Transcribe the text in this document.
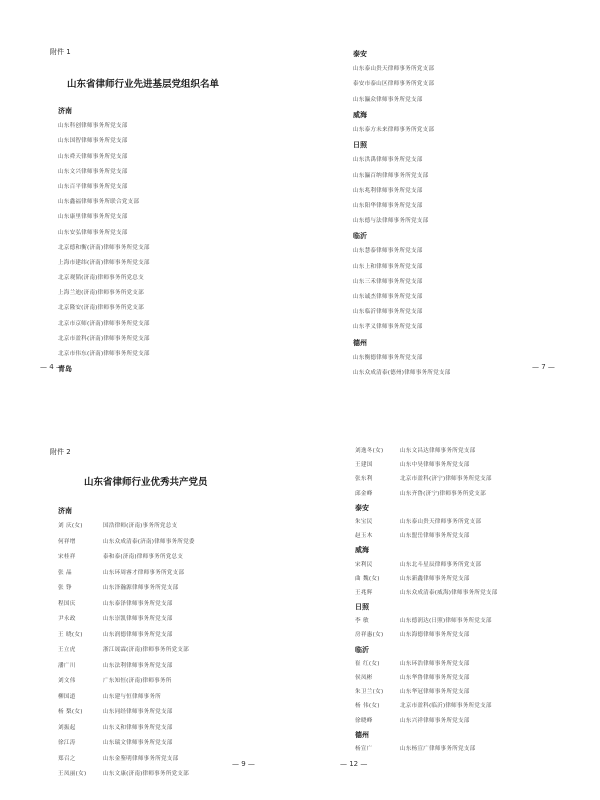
附件 1
山东省律师行业先进基层党组织名单
济南
山东科创律师事务所党支部
山东国智律师事务所党支部
山东舜天律师事务所党支部
山东文兴律师事务所党支部
山东百平律师事务所党支部
山东鑫福律师事务所联合党支部
山东康里律师事务所党支部
山东安弘律师事务所党支部
北京德和衡(济南)律师事务所党支部
上海市建纬(济南)律师事务所党支部
北京观韬(济南)律师事务所党总支
上海兰迪(济南)律师事务所党支部
北京隆安(济南)律师事务所党支部
北京市京师(济南)律师事务所党支部
北京市盈科(济南)律师事务所党支部
北京市伟东(济南)律师事务所党支部
青岛
— 4 —
泰安
山东泰山贵天律师事务所党支部
泰安市泰山区律师事务所党支部
山东瀛众律师事务所党支部
威海
山东泰方未来律师事务所党支部
日照
山东洪禹律师事务所党支部
山东瀛百纳律师事务所党支部
山东兆利律师事务所党支部
山东阳华律师事务所党支部
山东德与法律师事务所党支部
临沂
山东慧泰律师事务所党支部
山东上和律师事务所党支部
山东三禾律师事务所党支部
山东诚杰律师事务所党支部
山东临沂律师事务所党支部
山东孝义律师事务所党支部
德州
山东衡德律师事务所党支部
山东众成清泰(德州)律师事务所党支部
— 7 —
附件 2
山东省律师行业优秀共产党员
济南
刘 庆(女)	国浩律师(济南)事务所党总支
何祥增	山东众成清泰(济南)律师事务所党委
宋桂祥	泰和泰(济南)律师事务所党总支
张 晶	山东环周睿才律师事务所党支部
张 铮	山东泽瀚源律师事务所党支部
程国庆	山东泰泽律师事务所党支部
尹永政	山东崇凯律师事务所党支部
王 晓(女)	山东润德律师事务所党支部
王立虎	浙江晟霖(济南)律师事务所党支部
潘广川	山东法利律师事务所党支部
刘文伟	广东知恒(济南)律师事务所
柳国道	山东建与恒律师事务所
杨 梨(女)	山东同经律师事务所党支部
刘振起	山东义和律师事务所党支部
徐江涛	山东瑞文律师事务所党支部
郑召之	山东金鉴明律师事务所党支部
王凤丽(女)	山东文康(济南)律师事务所党支部
— 9 —
刘逸冬(女)	山东文昌达律师事务所党支部
王建国	山东中昊律师事务所党支部
张东利	北京市盈科(济宁)律师事务所党支部
邱金峰	山东齐鲁(济宁)律师事务所党支部
泰安
朱宝民	山东泰山贵天律师事务所党支部
赵玉木	山东盟岳律师事务所党支部
威海
宋利民	山东北斗星辰律师事务所党支部
曲 魏(女)	山东新鑫律师事务所党支部
王兆辉	山东众成清泰(威海)律师事务所党支部
日照
李 敏	山东德润达(日照)律师事务所党支部
房祥惠(女)	山东海德律师事务所党支部
临沂
崔 红(女)	山东环浩律师事务所党支部
侯凤彬	山东华鲁律师事务所党支部
朱卫兰(女)	山东华冠律师事务所党支部
杨 伟(女)	北京市盈科(临沂)律师事务所党支部
徐晓峰	山东兴祥律师事务所党支部
德州
杨宣广	山东杨宣广律师事务所党支部
— 12 —
